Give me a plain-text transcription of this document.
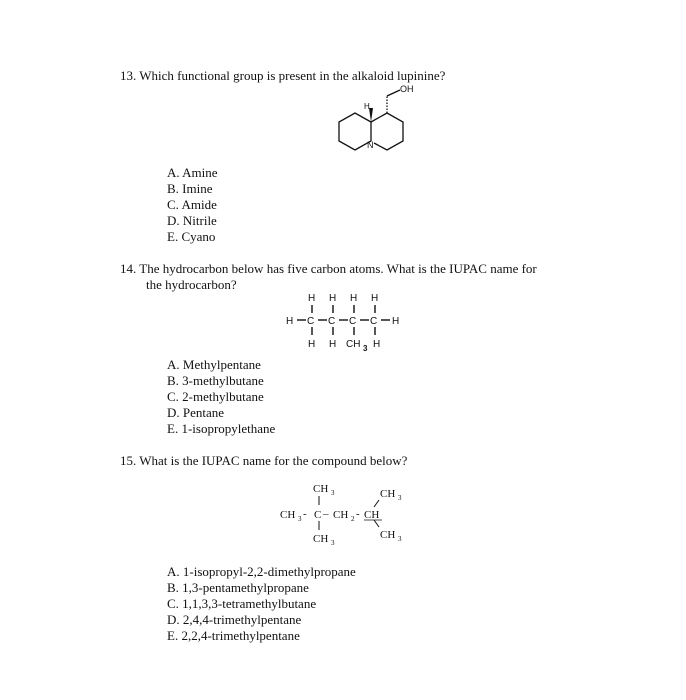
13. Which functional group is present in the alkaloid lupinine?
OH
H
N
A. Amine
B. Imine
C. Amide
D. Nitrile
E. Cyano
14. The hydrocarbon below has five carbon atoms. What is the IUPAC name for
the hydrocarbon?
H H H H
H C C C C H
H H CH 3 H
A. Methylpentane
B. 3-methylbutane
C. 2-methylbutane
D. Pentane
E. 1-isopropylethane
15. What is the IUPAC name for the compound below?
CH 3	CH 3
CH 3 - C – CH 2 - CH
CH 3
CH 3
A. 1-isopropyl-2,2-dimethylpropane
B. 1,3-pentamethylpropane
C. 1,1,3,3-tetramethylbutane
D. 2,4,4-trimethylpentane
E. 2,2,4-trimethylpentane
